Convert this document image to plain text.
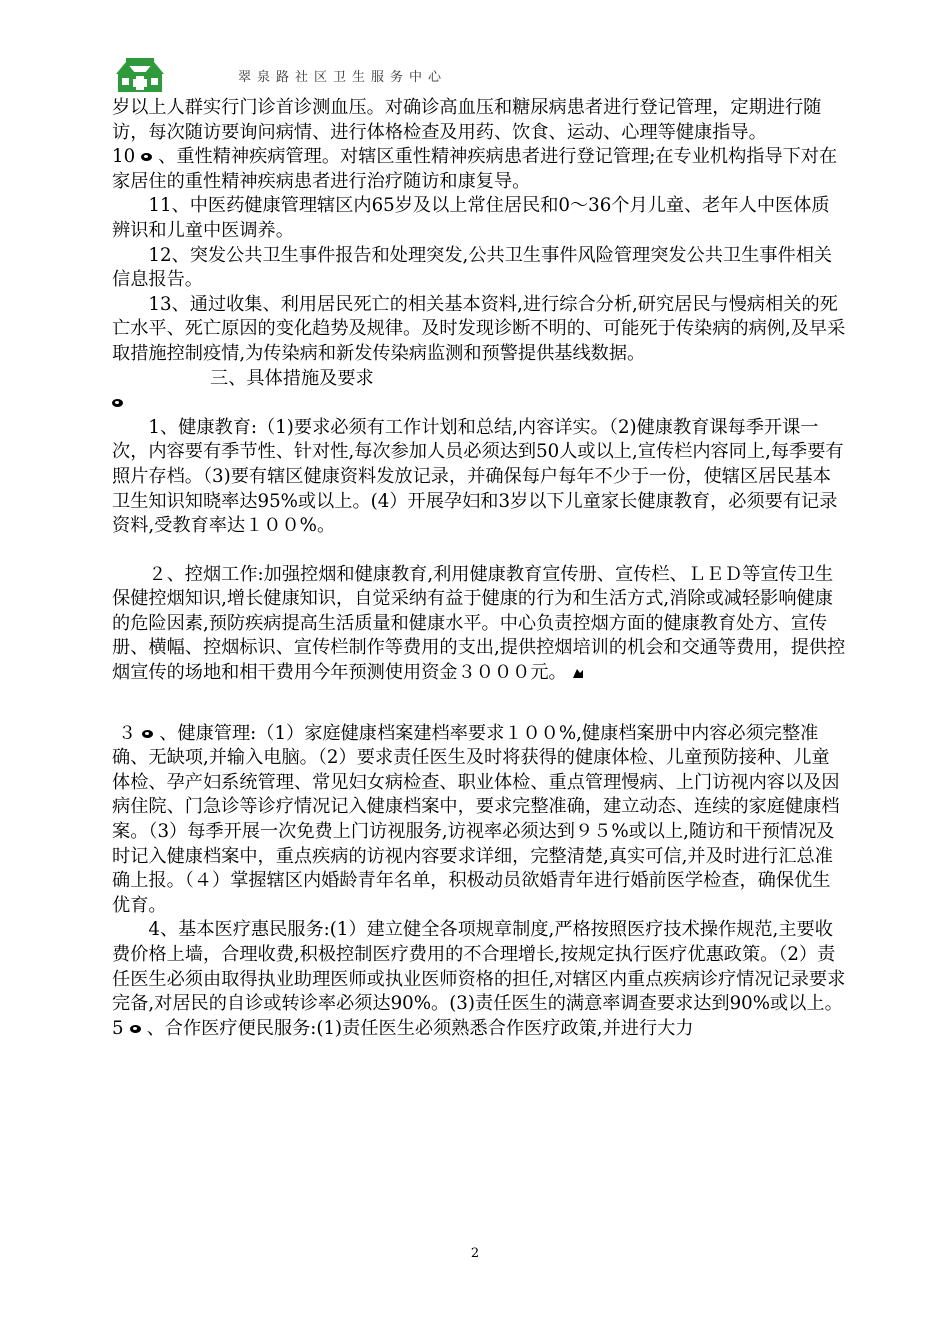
翠泉路社区卫生服务中心

岁以上人群实行门诊首诊测血压。对确诊高血压和糖尿病患者进行登记管理，定期进行随访，每次随访要询问病情、进行体格检查及用药、饮食、运动、心理等健康指导。

10 、重性精神疾病管理。对辖区重性精神疾病患者进行登记管理;在专业机构指导下对在家居住的重性精神疾病患者进行治疗随访和康复导。

11、中医药健康管理辖区内65岁及以上常住居民和0～36个月儿童、老年人中医体质辨识和儿童中医调养。

12、突发公共卫生事件报告和处理突发,公共卫生事件风险管理突发公共卫生事件相关信息报告。

13、通过收集、利用居民死亡的相关基本资料,进行综合分析,研究居民与慢病相关的死亡水平、死亡原因的变化趋势及规律。及时发现诊断不明的、可能死于传染病的病例,及早采取措施控制疫情,为传染病和新发传染病监测和预警提供基线数据。

三、具体措施及要求

1、健康教育:（1)要求必须有工作计划和总结,内容详实。（2)健康教育课每季开课一次，内容要有季节性、针对性,每次参加人员必须达到50人或以上,宣传栏内容同上,每季要有照片存档。（3)要有辖区健康资料发放记录，并确保每户每年不少于一份，使辖区居民基本卫生知识知晓率达95%或以上。(4）开展孕妇和3岁以下儿童家长健康教育，必须要有记录资料,受教育率达１００%。

２、控烟工作:加强控烟和健康教育,利用健康教育宣传册、宣传栏、ＬＥＤ等宣传卫生保健控烟知识,增长健康知识，自觉采纳有益于健康的行为和生活方式,消除或减轻影响健康的危险因素,预防疾病提高生活质量和健康水平。中心负责控烟方面的健康教育处方、宣传册、横幅、控烟标识、宣传栏制作等费用的支出,提供控烟培训的机会和交通等费用，提供控烟宣传的场地和相干费用今年预测使用资金３０００元。

３ 、健康管理:（1）家庭健康档案建档率要求１００%,健康档案册中内容必须完整准确、无缺项,并输入电脑。（2）要求责任医生及时将获得的健康体检、儿童预防接种、儿童体检、孕产妇系统管理、常见妇女病检查、职业体检、重点管理慢病、上门访视内容以及因病住院、门急诊等诊疗情况记入健康档案中，要求完整准确，建立动态、连续的家庭健康档案。（3）每季开展一次免费上门访视服务,访视率必须达到９５%或以上,随访和干预情况及时记入健康档案中，重点疾病的访视内容要求详细，完整清楚,真实可信,并及时进行汇总准确上报。（４）掌握辖区内婚龄青年名单，积极动员欲婚青年进行婚前医学检查，确保优生优育。

4、基本医疗惠民服务:(1）建立健全各项规章制度,严格按照医疗技术操作规范,主要收费价格上墙，合理收费,积极控制医疗费用的不合理增长,按规定执行医疗优惠政策。（2）责任医生必须由取得执业助理医师或执业医师资格的担任,对辖区内重点疾病诊疗情况记录要求完备,对居民的自诊或转诊率必须达90%。(3)责任医生的满意率调查要求达到90%或以上。

5 、合作医疗便民服务:(1)责任医生必须熟悉合作医疗政策,并进行大力

2
